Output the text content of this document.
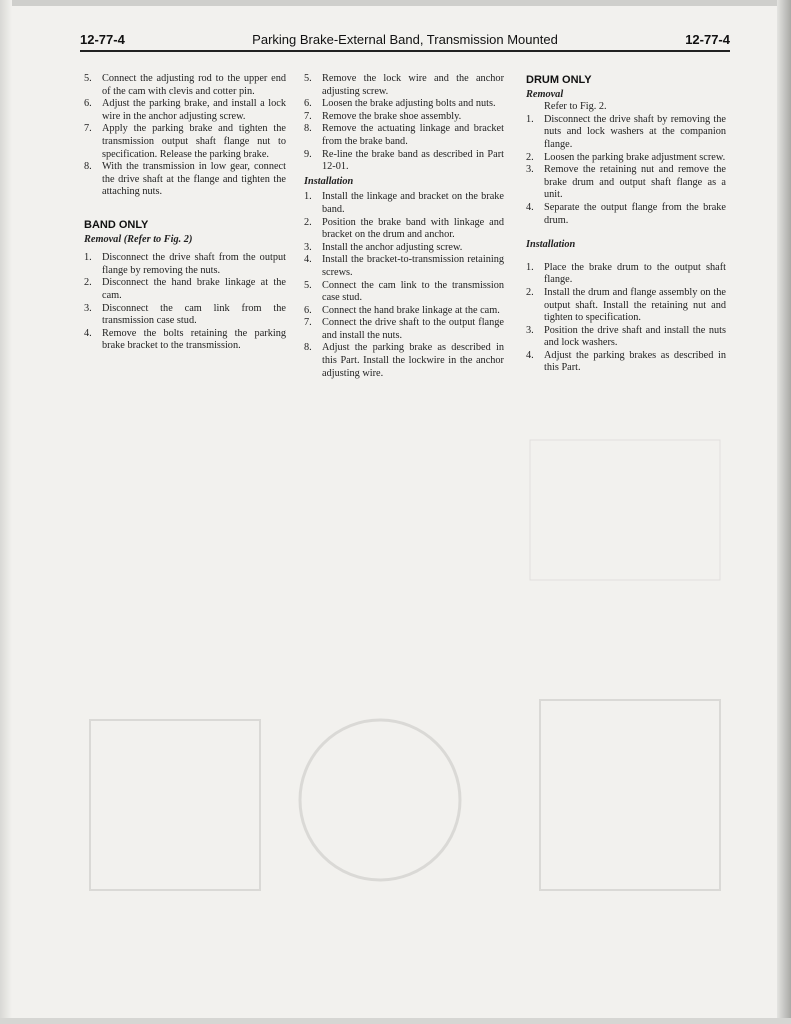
12-77-4	Parking Brake-External Band, Transmission Mounted	12-77-4
5. Connect the adjusting rod to the upper end of the cam with clevis and cotter pin.
6. Adjust the parking brake, and install a lock wire in the anchor adjusting screw.
7. Apply the parking brake and tighten the transmission output shaft flange nut to specification. Release the parking brake.
8. With the transmission in low gear, connect the drive shaft at the flange and tighten the attaching nuts.
BAND ONLY
Removal (Refer to Fig. 2)
1. Disconnect the drive shaft from the output flange by removing the nuts.
2. Disconnect the hand brake linkage at the cam.
3. Disconnect the cam link from the transmission case stud.
4. Remove the bolts retaining the parking brake bracket to the transmission.
5. Remove the lock wire and the anchor adjusting screw.
6. Loosen the brake adjusting bolts and nuts.
7. Remove the brake shoe assembly.
8. Remove the actuating linkage and bracket from the brake band.
9. Re-line the brake band as described in Part 12-01.
Installation
1. Install the linkage and bracket on the brake band.
2. Position the brake band with linkage and bracket on the drum and anchor.
3. Install the anchor adjusting screw.
4. Install the bracket-to-transmission retaining screws.
5. Connect the cam link to the transmission case stud.
6. Connect the hand brake linkage at the cam.
7. Connect the drive shaft to the output flange and install the nuts.
8. Adjust the parking brake as described in this Part. Install the lockwire in the anchor adjusting wire.
DRUM ONLY
Removal
Refer to Fig. 2.
1. Disconnect the drive shaft by removing the nuts and lock washers at the companion flange.
2. Loosen the parking brake adjustment screw.
3. Remove the retaining nut and remove the brake drum and output shaft flange as a unit.
4. Separate the output flange from the brake drum.
Installation
1. Place the brake drum to the output shaft flange.
2. Install the drum and flange assembly on the output shaft. Install the retaining nut and tighten to specification.
3. Position the drive shaft and install the nuts and lock washers.
4. Adjust the parking brakes as described in this Part.
